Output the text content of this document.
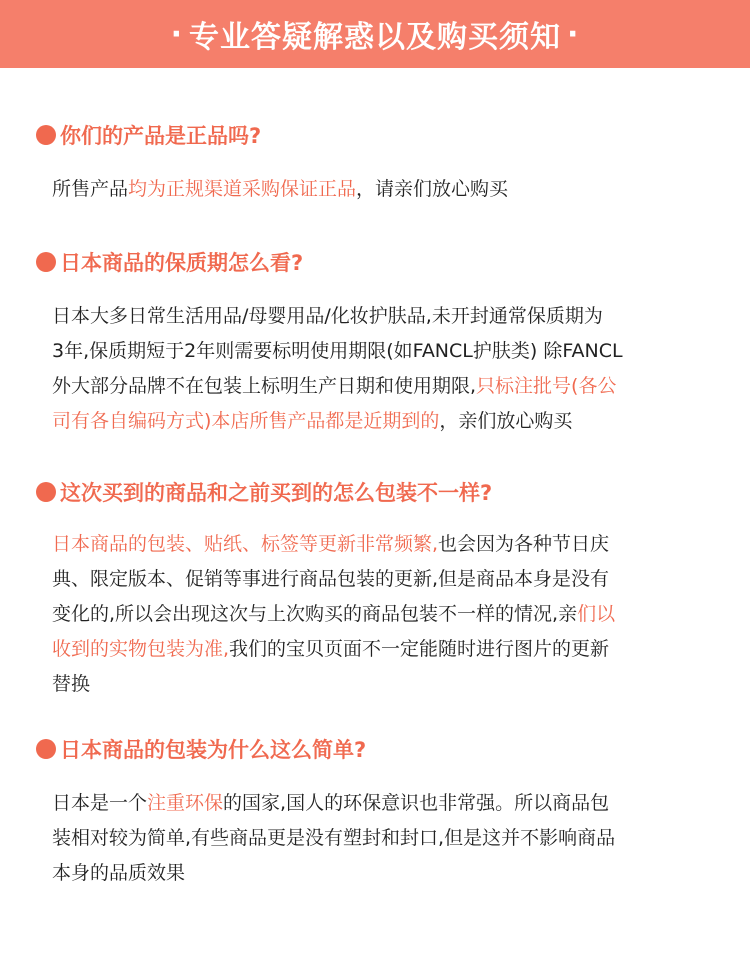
· 专业答疑解惑以及购买须知 ·
你们的产品是正品吗?
所售产品均为正规渠道采购保证正品，请亲们放心购买
日本商品的保质期怎么看?
日本大多日常生活用品/母婴用品/化妆护肤品,未开封通常保质期为
3年,保质期短于2年则需要标明使用期限(如FANCL护肤类) 除FANCL
外大部分品牌不在包装上标明生产日期和使用期限,只标注批号(各公
司有各自编码方式)本店所售产品都是近期到的，亲们放心购买
这次买到的商品和之前买到的怎么包装不一样?
日本商品的包装、贴纸、标签等更新非常频繁,也会因为各种节日庆
典、限定版本、促销等事进行商品包装的更新,但是商品本身是没有
变化的,所以会出现这次与上次购买的商品包装不一样的情况,亲们以
收到的实物包装为准,我们的宝贝页面不一定能随时进行图片的更新
替换
日本商品的包装为什么这么简单?
日本是一个注重环保的国家,国人的环保意识也非常强。所以商品包
装相对较为简单,有些商品更是没有塑封和封口,但是这并不影响商品
本身的品质效果
